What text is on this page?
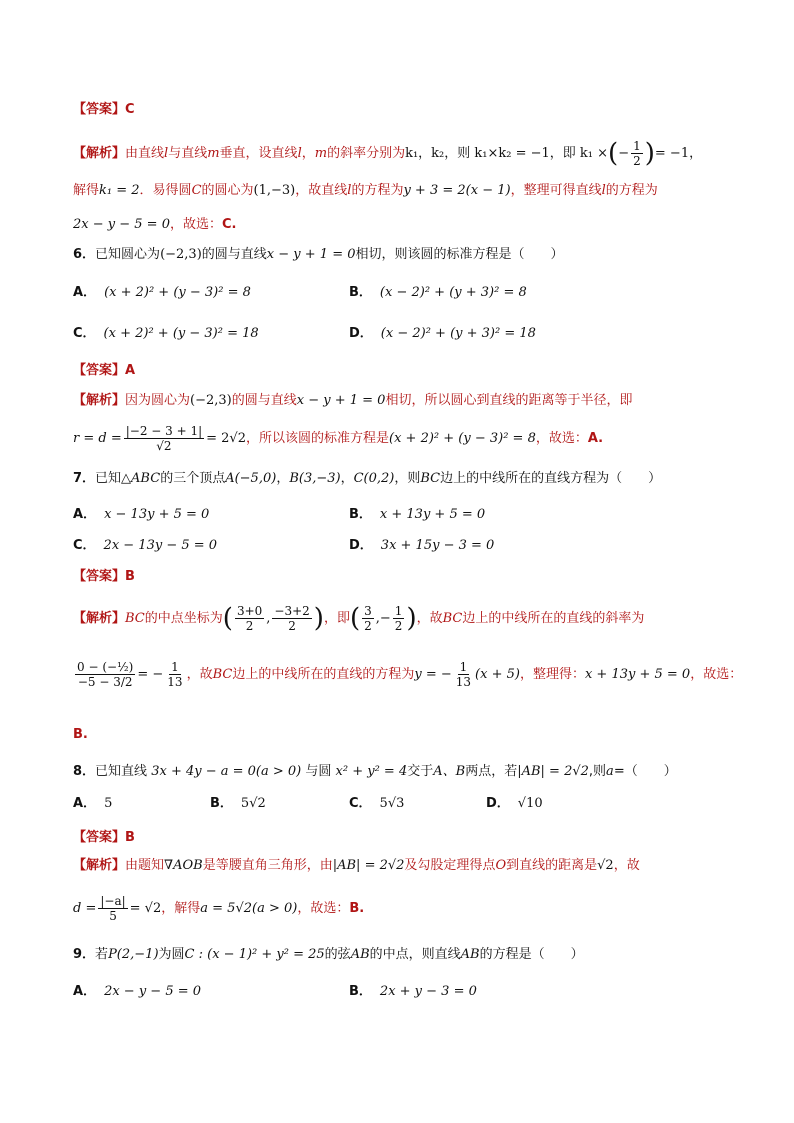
【答案】C
【解析】由直线l与直线m垂直，设直线l，m的斜率分别为k₁，k₂，则 k₁×k₂ = −1，即 k₁ ×(− $\frac{1}{2}$ )= −1，
解得k₁ = 2．易得圆C的圆心为(1,−3)，故直线l的方程为y + 3 = 2(x − 1)，整理可得直线l的方程为
2x − y − 5 = 0，故选：C.
6．已知圆心为(−2,3)的圆与直线x − y + 1 = 0相切，则该圆的标准方程是（　　）
A． (x + 2)² + (y − 3)² = 8	B． (x − 2)² + (y + 3)² = 8
C． (x + 2)² + (y − 3)² = 18	D． (x − 2)² + (y + 3)² = 18
【答案】A
【解析】因为圆心为(−2,3)的圆与直线x − y + 1 = 0相切，所以圆心到直线的距离等于半径，即
$r = d = \frac{|-2 - 3 + 1|}{√2} = 2√2$，所以该圆的标准方程是(x + 2)² + (y − 3)² = 8，故选：A.
7．已知△ABC的三个顶点A(−5,0)，B(3,−3)，C(0,2)，则BC边上的中线所在的直线方程为（　　）
A． x − 13y + 5 = 0	B． x + 13y + 5 = 0
C． 2x − 13y − 5 = 0	D． 3x + 15y − 3 = 0
【答案】B
【解析】BC的中点坐标为( $\frac{3+0}{2}$ , $\frac{-3+2}{2}$ )，即( $\frac{3}{2}$ ,− $\frac{1}{2}$ )，故BC边上的中线所在的直线的斜率为
$\frac{\text{0 − (−½)}}{-5 - 3/2}$ = − $\frac{1}{13}$ ，故BC边上的中线所在的直线的方程为y = − $\frac{1}{13} (x + 5)$，整理得：x + 13y + 5 = 0，故选：
B.
8．已知直线 3x + 4y − a = 0(a > 0) 与圆 x² + y² = 4交于A、B两点，若|AB| = 2√2,则a=（　　）
A． 5	B． 5√2	C． 5√3	D． √10
【答案】B
【解析】由题知∇AOB是等腰直角三角形，由|AB| = 2√2及勾股定理得点O到直线的距离是√2，故
$d = \frac{|-a|}{5} = √2$，解得a = 5√2(a > 0)，故选：B.
9．若P(2,−1)为圆C : (x − 1)² + y² = 25的弦AB的中点，则直线AB的方程是（　　）
A． 2x − y − 5 = 0	B． 2x + y − 3 = 0
